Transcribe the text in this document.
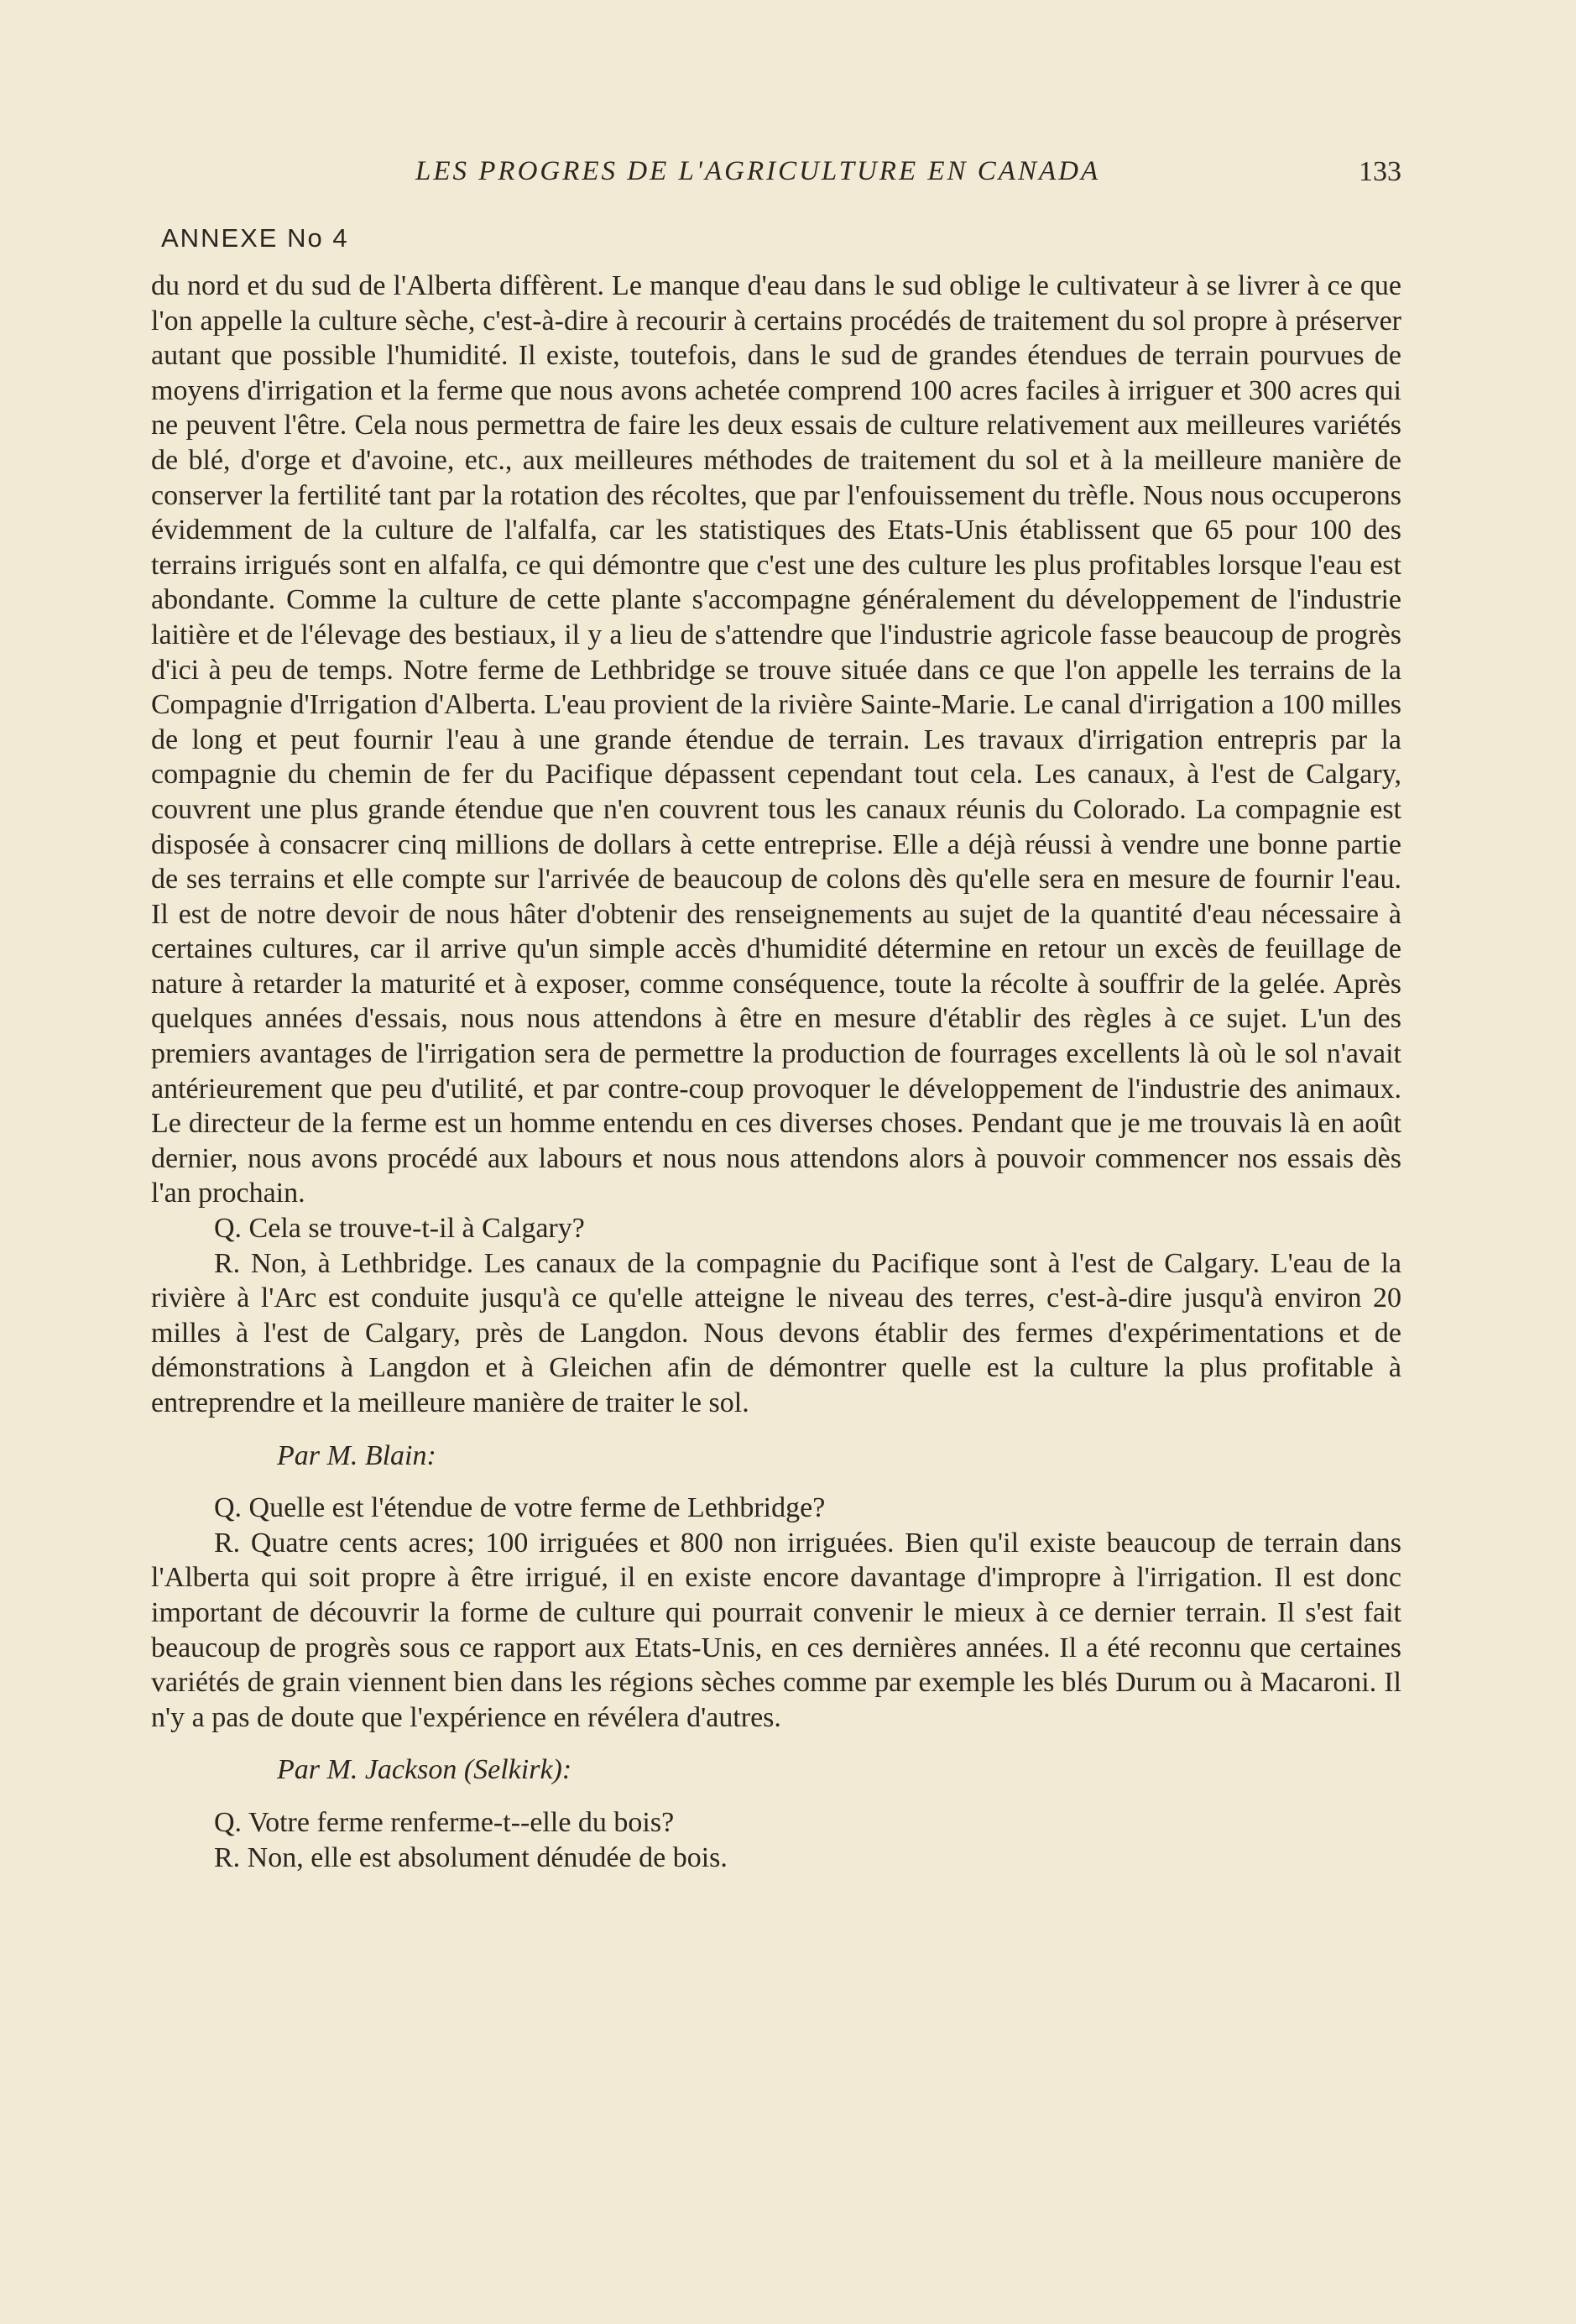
LES PROGRES DE L'AGRICULTURE EN CANADA	133
ANNEXE No 4

du nord et du sud de l'Alberta diffèrent. Le manque d'eau dans le sud oblige le cultivateur à se livrer à ce que l'on appelle la culture sèche, c'est-à-dire à recourir à certains procédés de traitement du sol propre à préserver autant que possible l'humidité. Il existe, toutefois, dans le sud de grandes étendues de terrain pourvues de moyens d'irrigation et la ferme que nous avons achetée comprend 100 acres faciles à irriguer et 300 acres qui ne peuvent l'être. Cela nous permettra de faire les deux essais de culture relativement aux meilleures variétés de blé, d'orge et d'avoine, etc., aux meilleures méthodes de traitement du sol et à la meilleure manière de conserver la fertilité tant par la rotation des récoltes, que par l'enfouissement du trèfle. Nous nous occuperons évidemment de la culture de l'alfalfa, car les statistiques des Etats-Unis établissent que 65 pour 100 des terrains irrigués sont en alfalfa, ce qui démontre que c'est une des culture les plus profitables lorsque l'eau est abondante. Comme la culture de cette plante s'accompagne généralement du développement de l'industrie laitière et de l'élevage des bestiaux, il y a lieu de s'attendre que l'industrie agricole fasse beaucoup de progrès d'ici à peu de temps. Notre ferme de Lethbridge se trouve située dans ce que l'on appelle les terrains de la Compagnie d'Irrigation d'Alberta. L'eau provient de la rivière Sainte-Marie. Le canal d'irrigation a 100 milles de long et peut fournir l'eau à une grande étendue de terrain. Les travaux d'irrigation entrepris par la compagnie du chemin de fer du Pacifique dépassent cependant tout cela. Les canaux, à l'est de Calgary, couvrent une plus grande étendue que n'en couvrent tous les canaux réunis du Colorado. La compagnie est disposée à consacrer cinq millions de dollars à cette entreprise. Elle a déjà réussi à vendre une bonne partie de ses terrains et elle compte sur l'arrivée de beaucoup de colons dès qu'elle sera en mesure de fournir l'eau. Il est de notre devoir de nous hâter d'obtenir des renseignements au sujet de la quantité d'eau nécessaire à certaines cultures, car il arrive qu'un simple accès d'humidité détermine en retour un excès de feuillage de nature à retarder la maturité et à exposer, comme conséquence, toute la récolte à souffrir de la gelée. Après quelques années d'essais, nous nous attendons à être en mesure d'établir des règles à ce sujet. L'un des premiers avantages de l'irrigation sera de permettre la production de fourrages excellents là où le sol n'avait antérieurement que peu d'utilité, et par contre-coup provoquer le développement de l'industrie des animaux. Le directeur de la ferme est un homme entendu en ces diverses choses. Pendant que je me trouvais là en août dernier, nous avons procédé aux labours et nous nous attendons alors à pouvoir commencer nos essais dès l'an prochain.

Q. Cela se trouve-t-il à Calgary?

R. Non, à Lethbridge. Les canaux de la compagnie du Pacifique sont à l'est de Calgary. L'eau de la rivière à l'Arc est conduite jusqu'à ce qu'elle atteigne le niveau des terres, c'est-à-dire jusqu'à environ 20 milles à l'est de Calgary, près de Langdon. Nous devons établir des fermes d'expérimentations et de démonstrations à Langdon et à Gleichen afin de démontrer quelle est la culture la plus profitable à entreprendre et la meilleure manière de traiter le sol.

Par M. Blain:

Q. Quelle est l'étendue de votre ferme de Lethbridge?

R. Quatre cents acres; 100 irriguées et 800 non irriguées. Bien qu'il existe beaucoup de terrain dans l'Alberta qui soit propre à être irrigué, il en existe encore davantage d'impropre à l'irrigation. Il est donc important de découvrir la forme de culture qui pourrait convenir le mieux à ce dernier terrain. Il s'est fait beaucoup de progrès sous ce rapport aux Etats-Unis, en ces dernières années. Il a été reconnu que certaines variétés de grain viennent bien dans les régions sèches comme par exemple les blés Durum ou à Macaroni. Il n'y a pas de doute que l'expérience en révélera d'autres.

Par M. Jackson (Selkirk):

Q. Votre ferme renferme-t--elle du bois?

R. Non, elle est absolument dénudée de bois.
